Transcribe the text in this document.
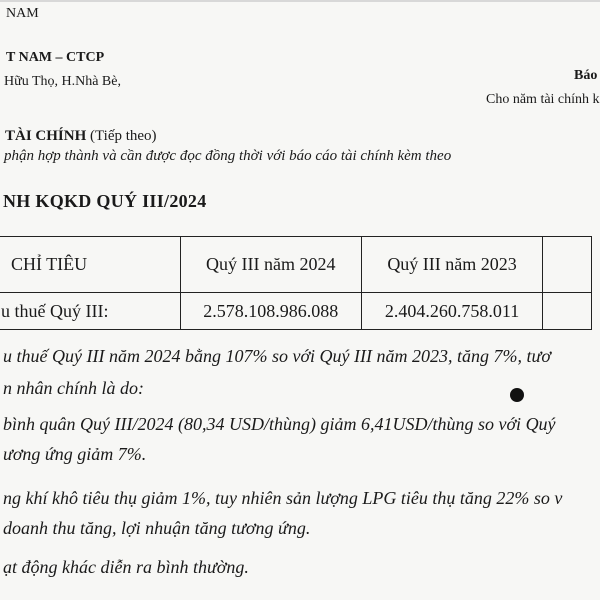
NAM
T NAM – CTCP
Hữu Thọ, H.Nhà Bè,	Báo
Cho năm tài chính k
TÀI CHÍNH (Tiếp theo)
phận hợp thành và cần được đọc đồng thời với báo cáo tài chính kèm theo
NH KQKD QUÝ III/2024
CHỈ TIÊU	Quý III năm 2024	Quý III năm 2023	
u thuế Quý III:	2.578.108.986.088	2.404.260.758.011	
u thuế Quý III năm 2024 bằng 107% so với Quý III năm 2023, tăng 7%, tươ
n nhân chính là do:
bình quân Quý III/2024 (80,34 USD/thùng) giảm 6,41USD/thùng so với Quý
ương ứng giảm 7%.
ng khí khô tiêu thụ giảm 1%, tuy nhiên sản lượng LPG tiêu thụ tăng 22% so v
doanh thu tăng, lợi nhuận tăng tương ứng.
ạt động khác diễn ra bình thường.
